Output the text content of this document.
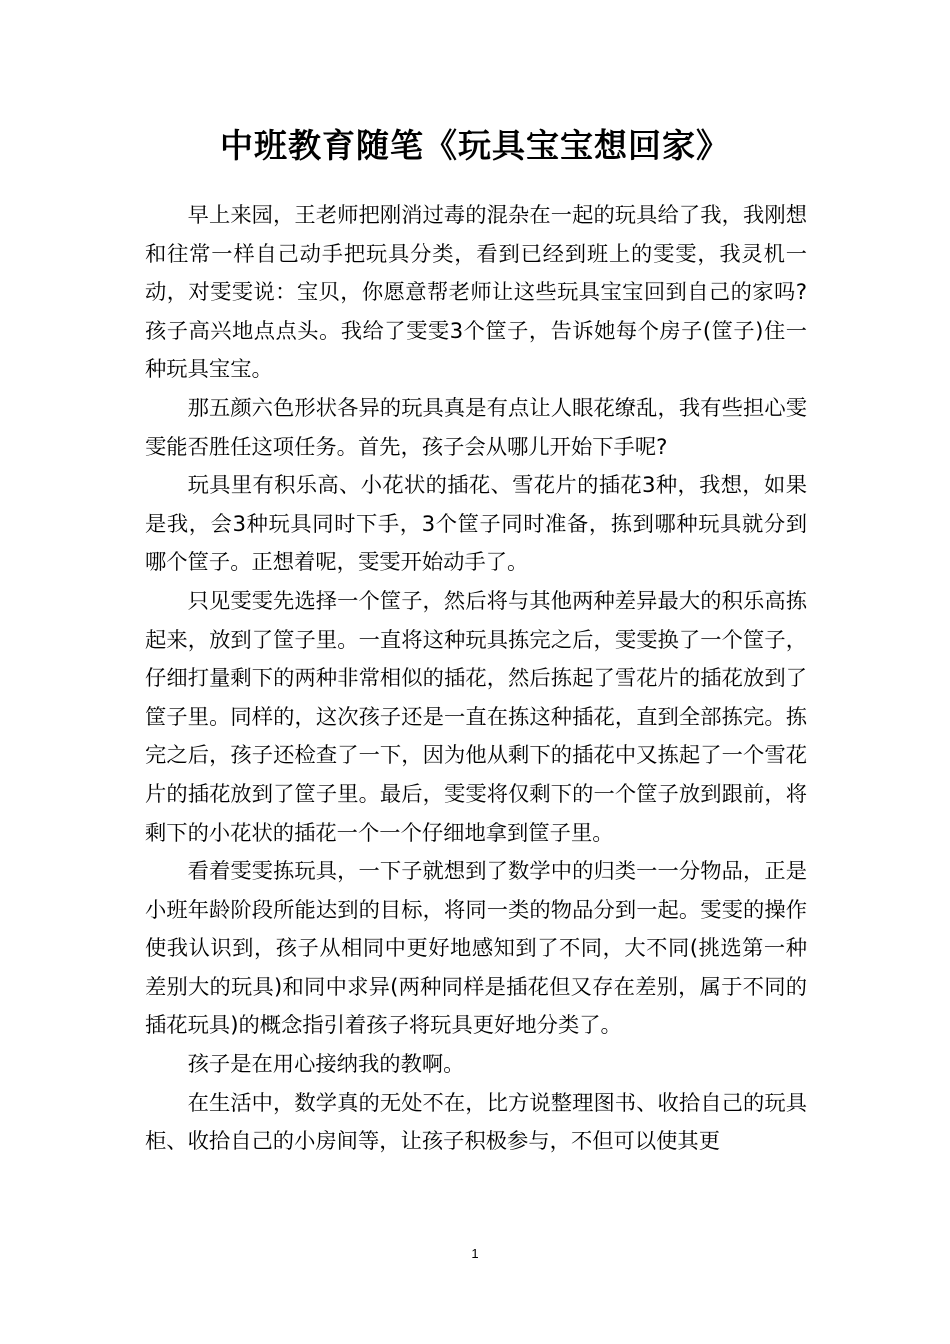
中班教育随笔《玩具宝宝想回家》

早上来园，王老师把刚消过毒的混杂在一起的玩具给了我，我刚想和往常一样自己动手把玩具分类，看到已经到班上的雯雯，我灵机一动，对雯雯说：宝贝，你愿意帮老师让这些玩具宝宝回到自己的家吗?孩子高兴地点点头。我给了雯雯3个筐子，告诉她每个房子(筐子)住一种玩具宝宝。

那五颜六色形状各异的玩具真是有点让人眼花缭乱，我有些担心雯雯能否胜任这项任务。首先，孩子会从哪儿开始下手呢?

玩具里有积乐高、小花状的插花、雪花片的插花3种，我想，如果是我，会3种玩具同时下手，3个筐子同时准备，拣到哪种玩具就分到哪个筐子。正想着呢，雯雯开始动手了。

只见雯雯先选择一个筐子，然后将与其他两种差异最大的积乐高拣起来，放到了筐子里。一直将这种玩具拣完之后，雯雯换了一个筐子，仔细打量剩下的两种非常相似的插花，然后拣起了雪花片的插花放到了筐子里。同样的，这次孩子还是一直在拣这种插花，直到全部拣完。拣完之后，孩子还检查了一下，因为他从剩下的插花中又拣起了一个雪花片的插花放到了筐子里。最后，雯雯将仅剩下的一个筐子放到跟前，将剩下的小花状的插花一个一个仔细地拿到筐子里。

看着雯雯拣玩具，一下子就想到了数学中的归类一一分物品，正是小班年龄阶段所能达到的目标，将同一类的物品分到一起。雯雯的操作使我认识到，孩子从相同中更好地感知到了不同，大不同(挑选第一种差别大的玩具)和同中求异(两种同样是插花但又存在差别，属于不同的插花玩具)的概念指引着孩子将玩具更好地分类了。

孩子是在用心接纳我的教啊。

在生活中，数学真的无处不在，比方说整理图书、收拾自己的玩具柜、收拾自己的小房间等，让孩子积极参与，不但可以使其更

1
